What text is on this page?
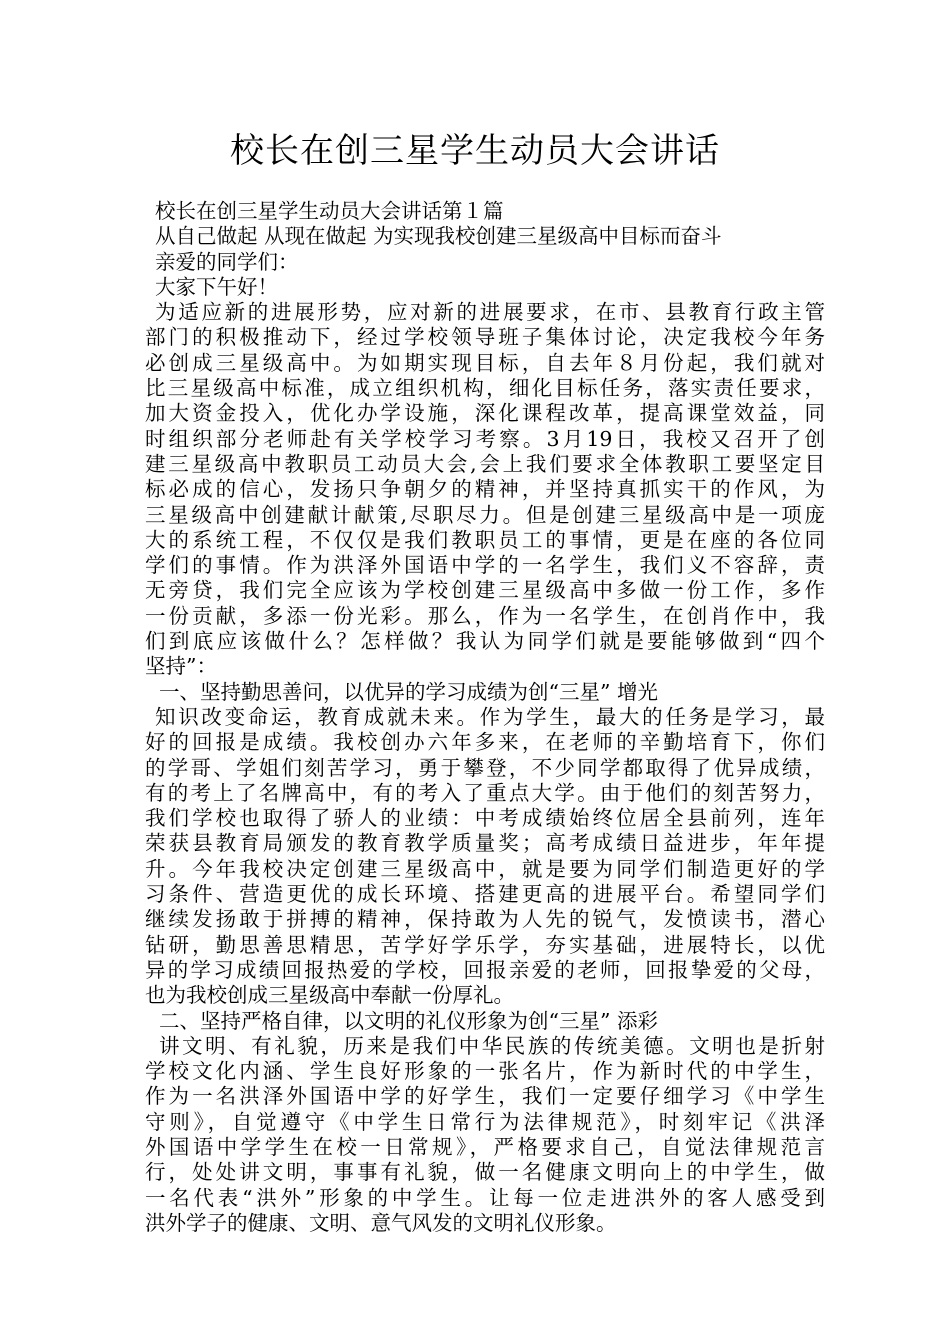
校长在创三星学生动员大会讲话
校长在创三星学生动员大会讲话第１篇
从自己做起 从现在做起 为实现我校创建三星级高中目标而奋斗
亲爱的同学们：
大家下午好！
为适应新的进展形势，应对新的进展要求，在市、县教育行政主管
部门的积极推动下，经过学校领导班子集体讨论，决定我校今年务
必创成三星级高中。为如期实现目标，自去年８月份起，我们就对
比三星级高中标准，成立组织机构，细化目标任务，落实责任要求，
加大资金投入，优化办学设施，深化课程改革，提高课堂效益，同
时组织部分老师赴有关学校学习考察。3月19日，我校又召开了创
建三星级高中教职员工动员大会,会上我们要求全体教职工要坚定目
标必成的信心，发扬只争朝夕的精神，并坚持真抓实干的作风，为
三星级高中创建献计献策,尽职尽力。但是创建三星级高中是一项庞
大的系统工程，不仅仅是我们教职员工的事情，更是在座的各位同
学们的事情。作为洪泽外国语中学的一名学生，我们义不容辞，责
无旁贷，我们完全应该为学校创建三星级高中多做一份工作，多作
一份贡献，多添一份光彩。那么，作为一名学生，在创肖作中，我
们到底应该做什么？怎样做？我认为同学们就是要能够做到“四个
坚持”：
一、坚持勤思善问，以优异的学习成绩为创“三星” 增光
知识改变命运，教育成就未来。作为学生，最大的任务是学习，最
好的回报是成绩。我校创办六年多来，在老师的辛勤培育下，你们
的学哥、学姐们刻苦学习，勇于攀登，不少同学都取得了优异成绩，
有的考上了名牌高中，有的考入了重点大学。由于他们的刻苦努力，
我们学校也取得了骄人的业绩：中考成绩始终位居全县前列，连年
荣获县教育局颁发的教育教学质量奖；高考成绩日益进步，年年提
升。今年我校决定创建三星级高中，就是要为同学们制造更好的学
习条件、营造更优的成长环境、搭建更高的进展平台。希望同学们
继续发扬敢于拼搏的精神，保持敢为人先的锐气，发愤读书，潜心
钻研，勤思善思精思，苦学好学乐学，夯实基础，进展特长，以优
异的学习成绩回报热爱的学校，回报亲爱的老师，回报挚爱的父母，
也为我校创成三星级高中奉献一份厚礼。
二、坚持严格自律，以文明的礼仪形象为创“三星” 添彩
讲文明、有礼貌，历来是我们中华民族的传统美德。文明也是折射
学校文化内涵、学生良好形象的一张名片，作为新时代的中学生，
作为一名洪泽外国语中学的好学生，我们一定要仔细学习《中学生
守则》，自觉遵守《中学生日常行为法律规范》，时刻牢记《洪泽
外国语中学学生在校一日常规》，严格要求自己，自觉法律规范言
行，处处讲文明，事事有礼貌，做一名健康文明向上的中学生，做
一名代表“洪外”形象的中学生。让每一位走进洪外的客人感受到
洪外学子的健康、文明、意气风发的文明礼仪形象。
